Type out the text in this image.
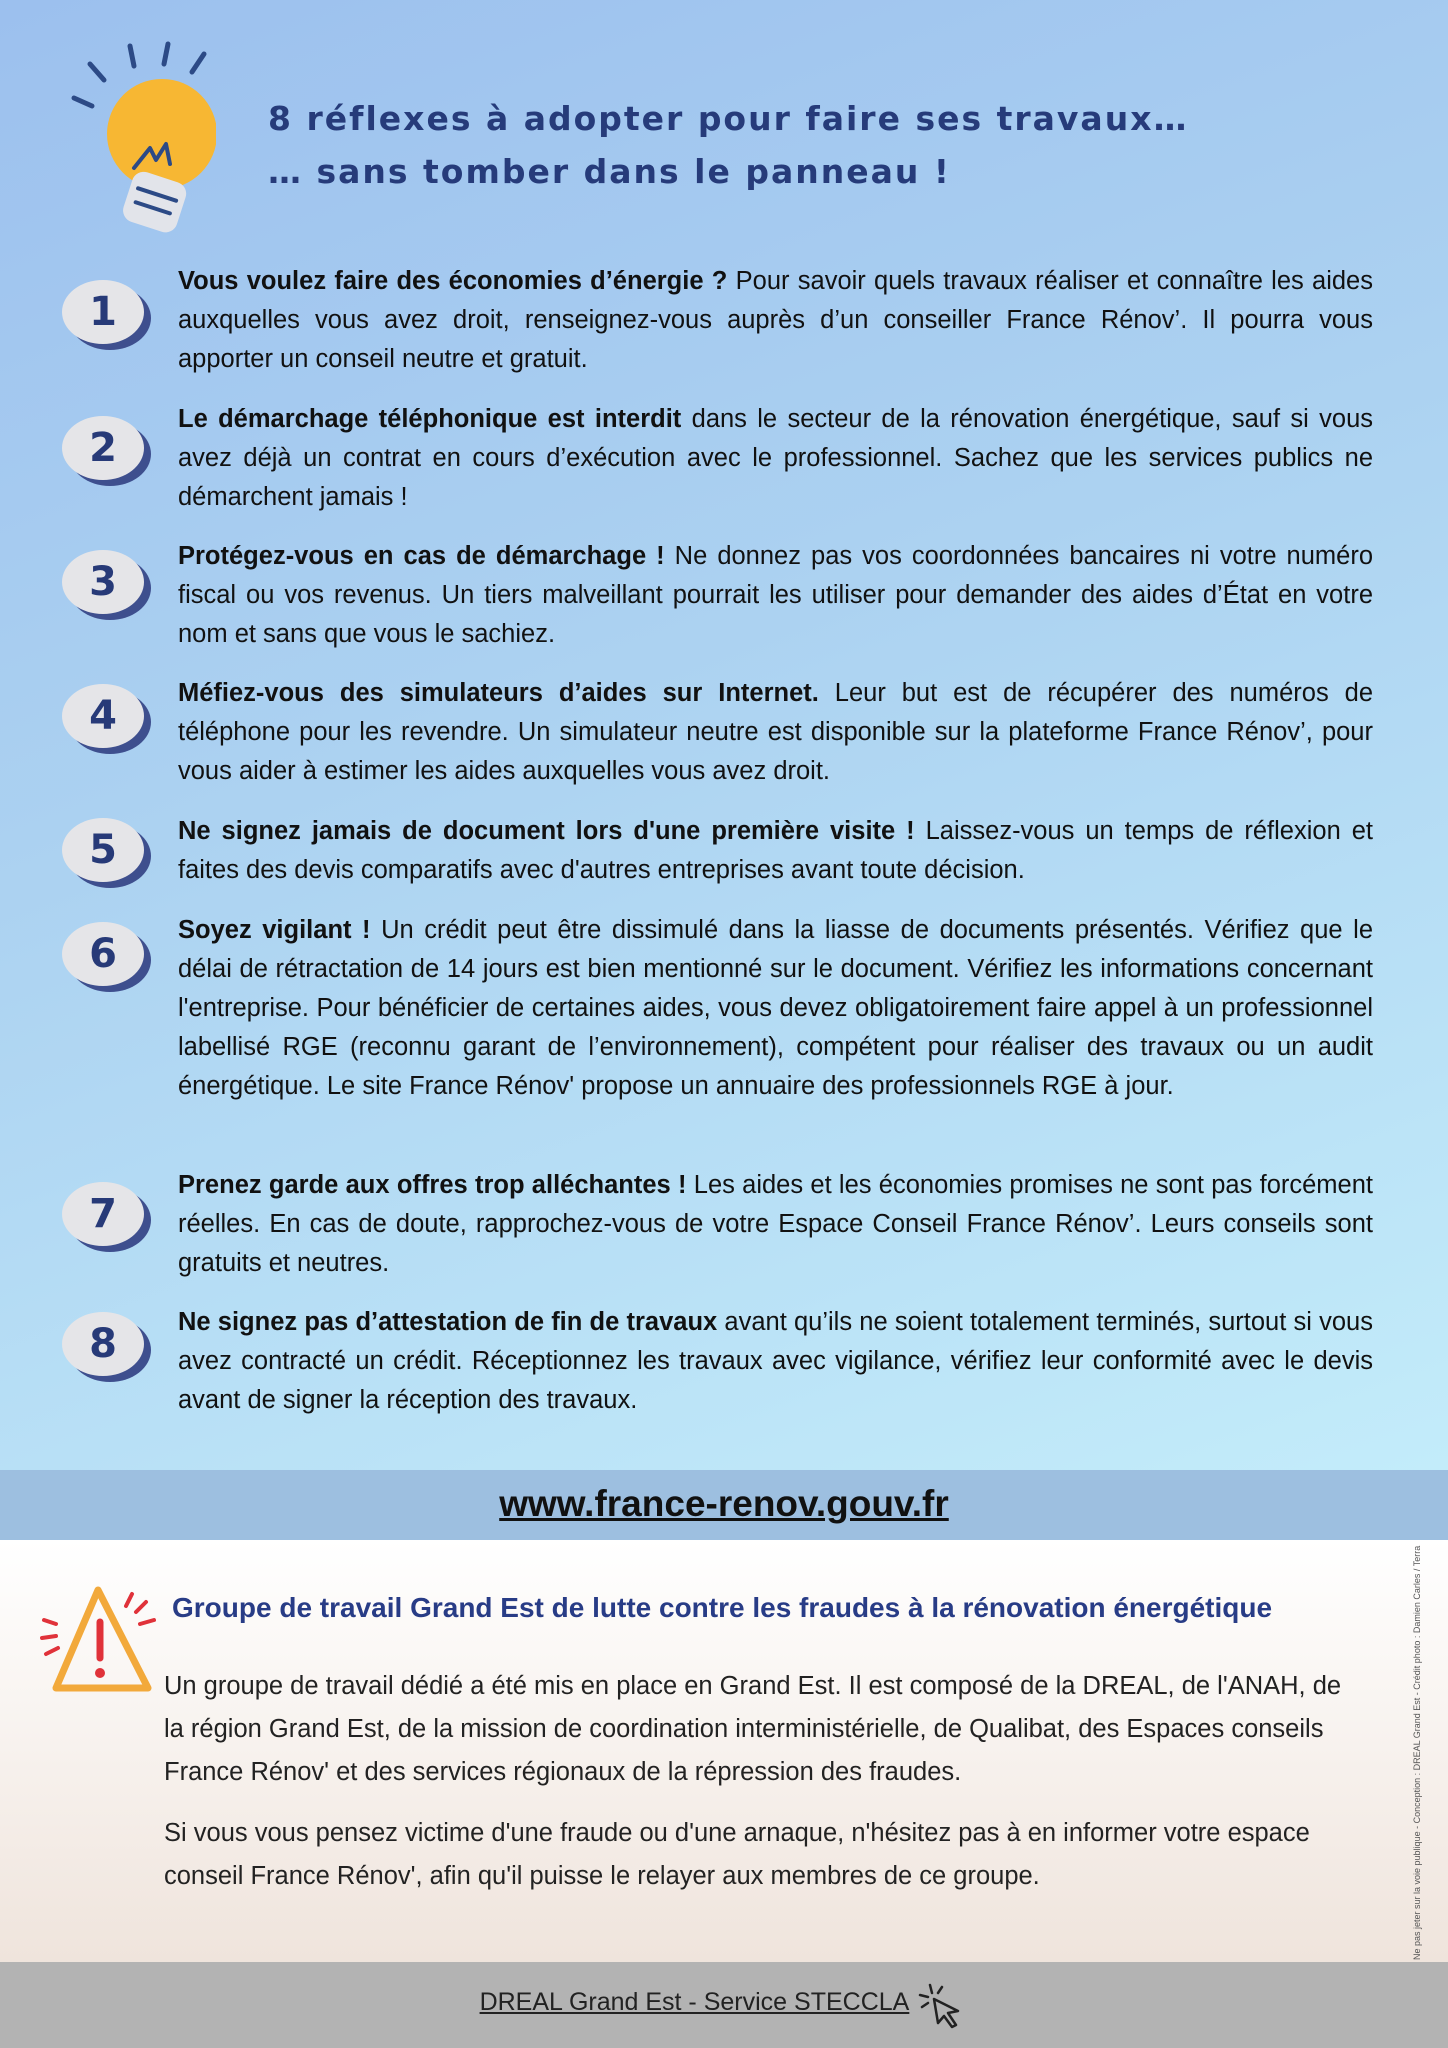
8 réflexes à adopter pour faire ses travaux…
… sans tomber dans le panneau !
1
Vous voulez faire des économies d’énergie ? Pour savoir quels travaux réaliser et connaître les aides auxquelles vous avez droit, renseignez-vous auprès d’un conseiller France Rénov’. Il pourra vous apporter un conseil neutre et gratuit.
2
Le démarchage téléphonique est interdit dans le secteur de la rénovation énergétique, sauf si vous avez déjà un contrat en cours d’exécution avec le professionnel. Sachez que les services publics ne démarchent jamais !
3
Protégez-vous en cas de démarchage ! Ne donnez pas vos coordonnées bancaires ni votre numéro fiscal ou vos revenus. Un tiers malveillant pourrait les utiliser pour demander des aides d’État en votre nom et sans que vous le sachiez.
4	Méfiez-vous des simulateurs d’aides sur Internet. Leur but est de récupérer des numéros de téléphone pour les revendre. Un simulateur neutre est disponible sur la plateforme France Rénov’, pour vous aider à estimer les aides auxquelles vous avez droit.
5	Ne signez jamais de document lors d'une première visite ! Laissez-vous un temps de réflexion et faites des devis comparatifs avec d'autres entreprises avant toute décision.
6
Soyez vigilant ! Un crédit peut être dissimulé dans la liasse de documents présentés. Vérifiez que le délai de rétractation de 14 jours est bien mentionné sur le document. Vérifiez les informations concernant l'entreprise. Pour bénéficier de certaines aides, vous devez obligatoirement faire appel à un professionnel labellisé RGE (reconnu garant de l’environnement), compétent pour réaliser des travaux ou un audit énergétique. Le site France Rénov' propose un annuaire des professionnels RGE à jour.
7
Prenez garde aux offres trop alléchantes ! Les aides et les économies promises ne sont pas forcément réelles. En cas de doute, rapprochez-vous de votre Espace Conseil France Rénov’. Leurs conseils sont gratuits et neutres.
8	Ne signez pas d’attestation de fin de travaux avant qu’ils ne soient totalement terminés, surtout si vous avez contracté un crédit. Réceptionnez les travaux avec vigilance, vérifiez leur conformité avec le devis avant de signer la réception des travaux.
www.france-renov.gouv.fr
Groupe de travail Grand Est de lutte contre les fraudes à la rénovation énergétique
Un groupe de travail dédié a été mis en place en Grand Est. Il est composé de la DREAL, de l'ANAH, de la région Grand Est, de la mission de coordination interministérielle, de Qualibat, des Espaces conseils France Rénov' et des services régionaux de la répression des fraudes.
Si vous vous pensez victime d'une fraude ou d'une arnaque, n'hésitez pas à en informer votre espace conseil France Rénov', afin qu'il puisse le relayer aux membres de ce groupe.	Ne pas jeter sur la voie publique - Conception : DREAL Grand Est - Crédit photo : Damien Carles / Terra
DREAL Grand Est - Service STECCLA
